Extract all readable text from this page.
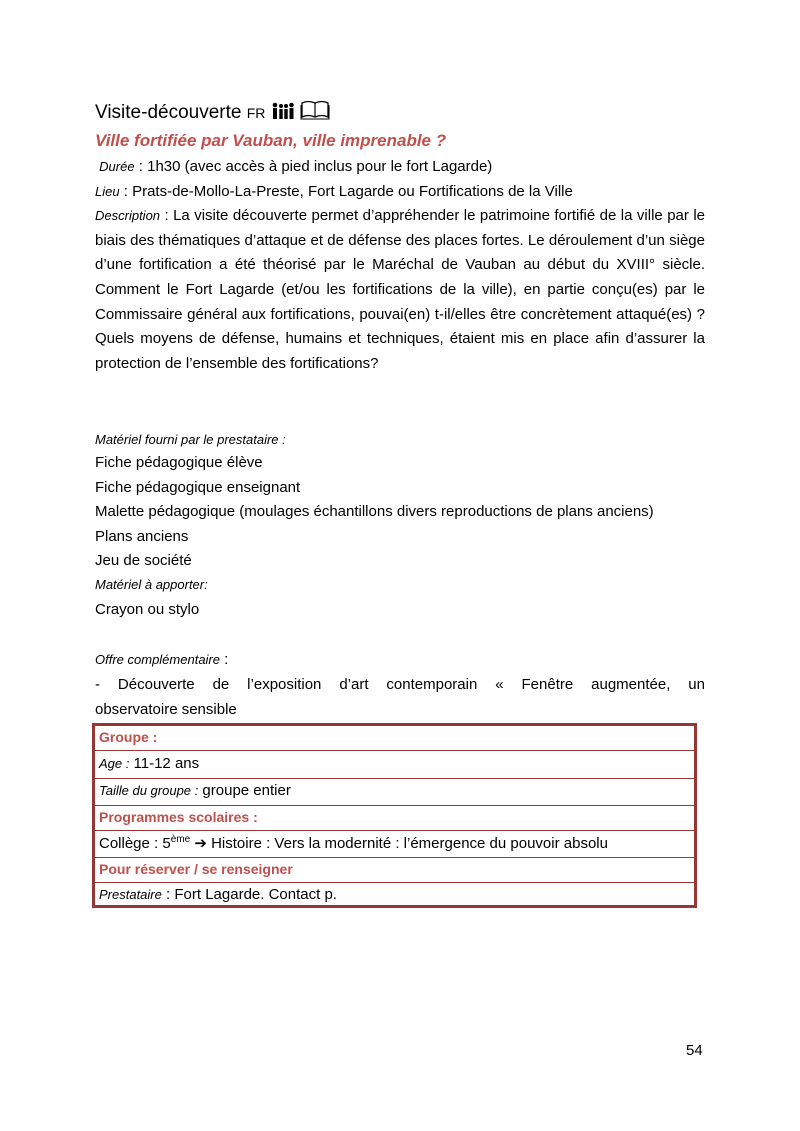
Visite-découverte FR
Ville fortifiée par Vauban, ville imprenable ?
Durée : 1h30 (avec accès à pied inclus pour le fort Lagarde)
Lieu : Prats-de-Mollo-La-Preste, Fort Lagarde ou Fortifications de la Ville
Description : La visite découverte permet d’appréhender le patrimoine fortifié de la ville par le biais des thématiques d’attaque et de défense des places fortes. Le déroulement d’un siège d’une fortification a été théorisé par le Maréchal de Vauban au début du XVIII° siècle. Comment le Fort Lagarde (et/ou les fortifications de la ville), en partie conçu(es) par le Commissaire général aux fortifications, pouvai(en) t-il/elles être concrètement attaqué(es) ? Quels moyens de défense, humains et techniques, étaient mis en place afin d’assurer la protection de l’ensemble des fortifications?
Matériel fourni par le prestataire :
Fiche pédagogique élève
Fiche pédagogique enseignant
Malette pédagogique (moulages échantillons divers reproductions de plans anciens)
Plans anciens
Jeu de société
Matériel à apporter:
Crayon ou stylo
Offre complémentaire :
- Découverte de l’exposition d’art contemporain « Fenêtre augmentée, un
observatoire sensible
Groupe :
Age : 11-12 ans
Taille du groupe : groupe entier
Programmes scolaires :
Collège : 5ème ➔ Histoire : Vers la modernité : l’émergence du pouvoir absolu
Pour réserver / se renseigner
Prestataire : Fort Lagarde. Contact p.
54
